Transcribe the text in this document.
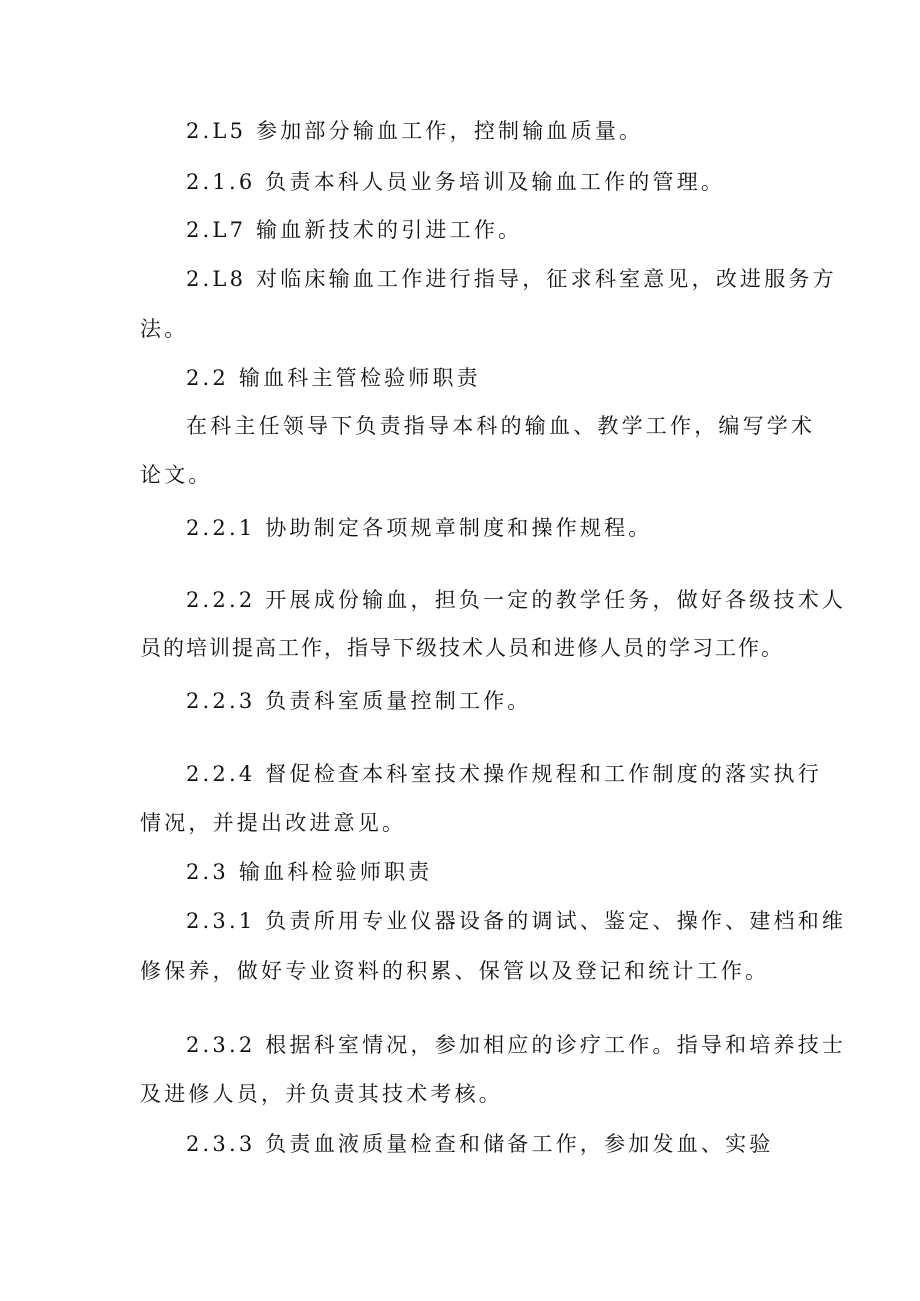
2.L5 参加部分输血工作，控制输血质量。
2.1.6 负责本科人员业务培训及输血工作的管理。
2.L7 输血新技术的引进工作。
2.L8 对临床输血工作进行指导，征求科室意见，改进服务方
法。
2.2 输血科主管检验师职责
在科主任领导下负责指导本科的输血、教学工作，编写学术
论文。
2.2.1 协助制定各项规章制度和操作规程。
2.2.2 开展成份输血，担负一定的教学任务，做好各级技术人
员的培训提高工作，指导下级技术人员和进修人员的学习工作。
2.2.3 负责科室质量控制工作。
2.2.4 督促检查本科室技术操作规程和工作制度的落实执行
情况，并提出改进意见。
2.3 输血科检验师职责
2.3.1 负责所用专业仪器设备的调试、鉴定、操作、建档和维
修保养，做好专业资料的积累、保管以及登记和统计工作。
2.3.2 根据科室情况，参加相应的诊疗工作。指导和培养技士
及进修人员，并负责其技术考核。
2.3.3 负责血液质量检查和储备工作，参加发血、实验
